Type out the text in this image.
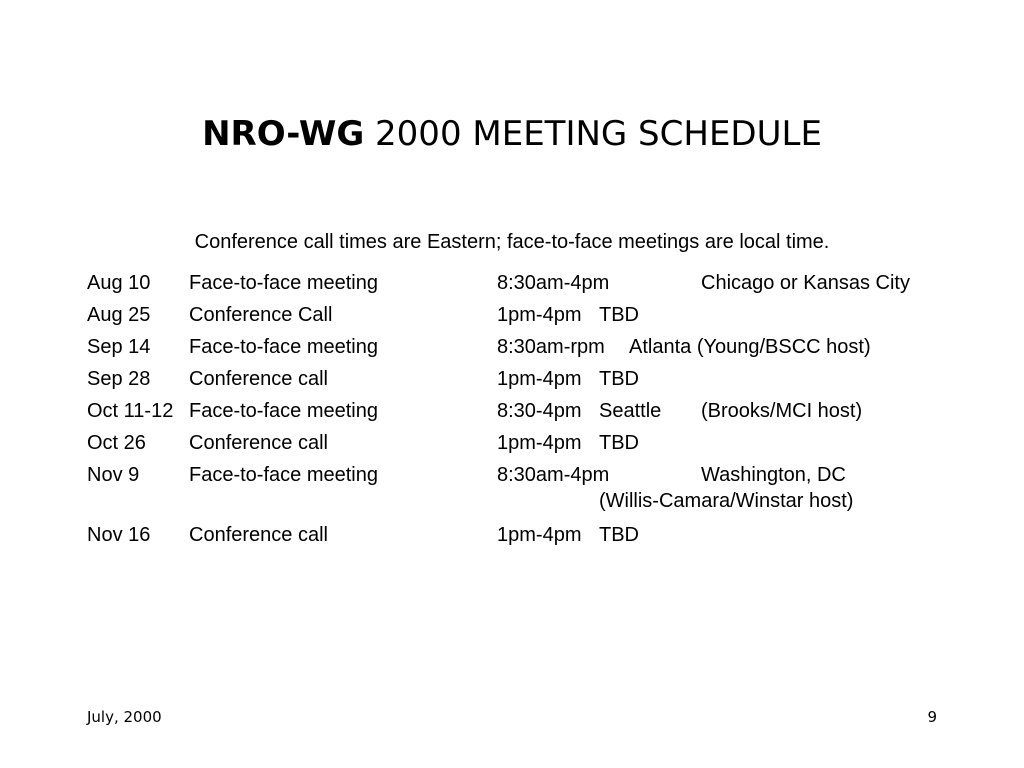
NRO-WG 2000 MEETING SCHEDULE
Conference call times are Eastern; face-to-face meetings are local time.
Aug 10 Face-to-face meeting	8:30am-4pm	Chicago or Kansas City
Aug 25 Conference Call	1pm-4pm TBD
Sep 14 Face-to-face meeting	8:30am-rpm Atlanta (Young/BSCC host)
Sep 28 Conference call	1pm-4pm TBD
Oct 11-12 Face-to-face meeting	8:30-4pm Seattle (Brooks/MCI host)
Oct 26 Conference call	1pm-4pm TBD
Nov 9 Face-to-face meeting	8:30am-4pm	Washington, DC
(Willis-Camara/Winstar host)
Nov 16 Conference call	1pm-4pm TBD
July, 2000	9
